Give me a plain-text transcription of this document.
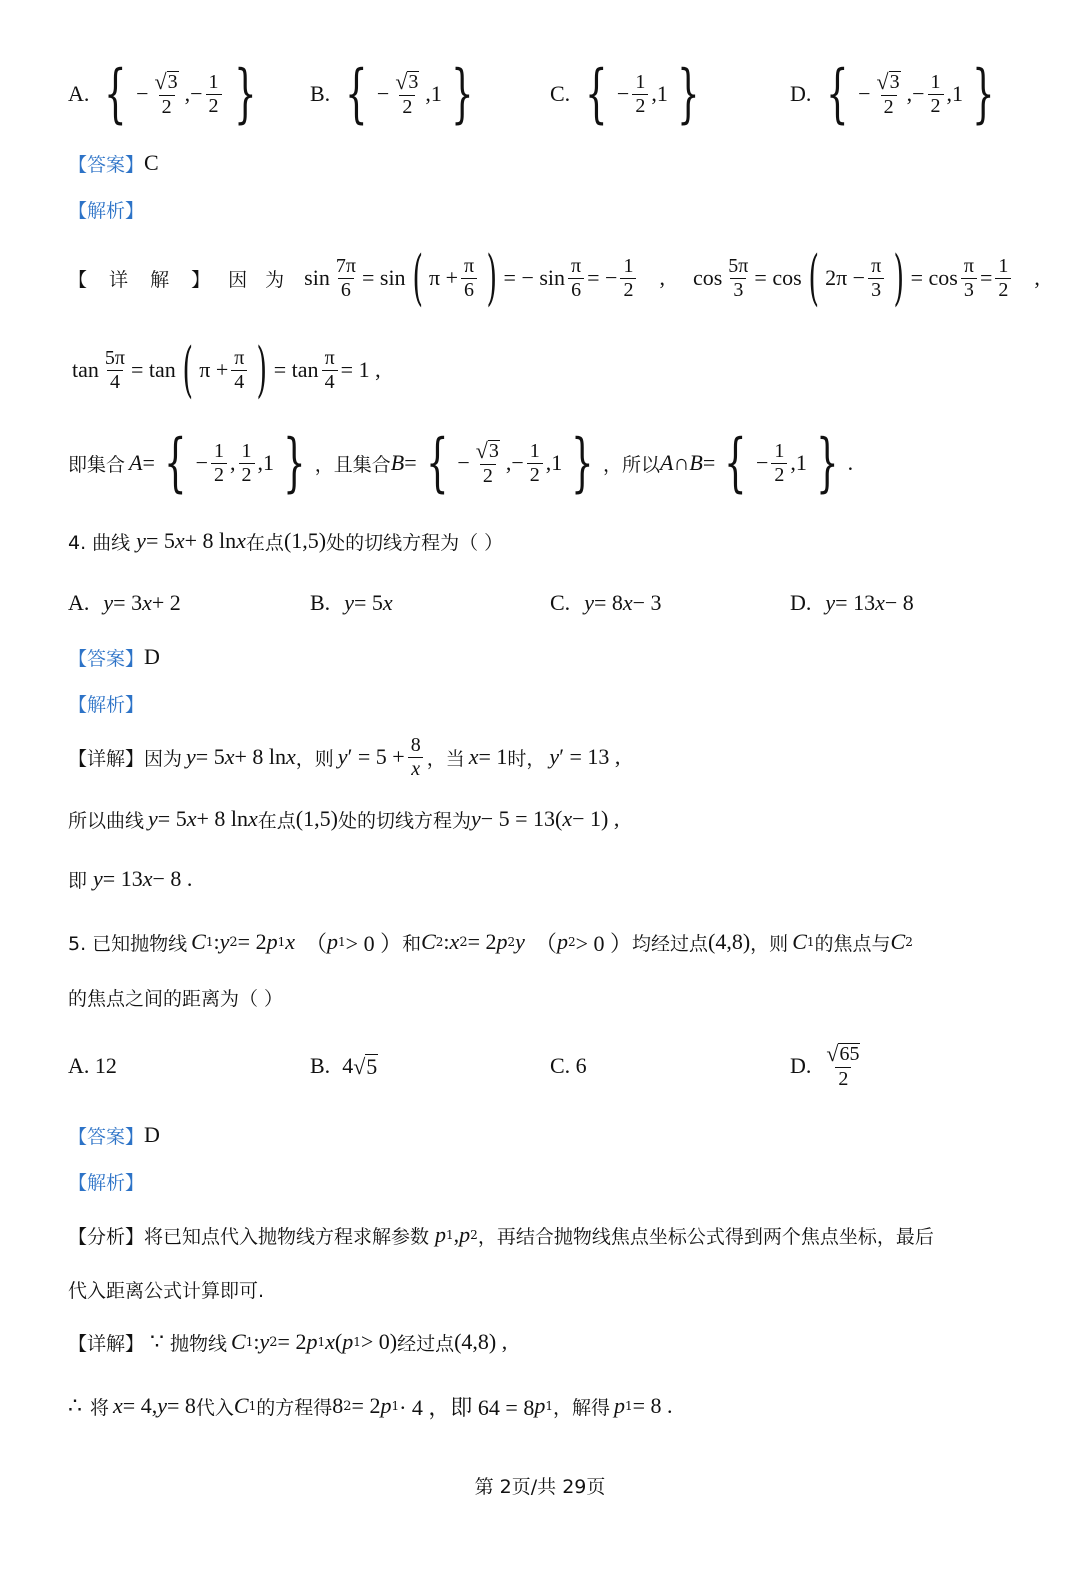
A. { − $\frac{√ 3}{2}$ ,− $\frac{1}{2}$ } B. { − $\frac{√ 3}{2} ,1$ }	C. { − $\frac{1}{2} ,1$ }	D. { − $\frac{√ 3}{2}$ ,− $\frac{1}{2} ,1$ }
【答案】 C
【解析】
【 详 解 】 因 为 $\sin \frac{7\pi}{6} = \sin$ ( $\pi + \frac{\pi}{6}$ ) = − $\sin \frac{\pi}{6}$ = − $\frac{1}{2}$ , $\cos \frac{5\pi}{3} = \cos$ ( $2\pi - \frac{\pi}{3}$ ) = $\cos \frac{\pi}{3} = \frac{1}{2}$ ,
$\tan \frac{5\pi}{4} = \tan$ ( $\pi + \frac{\pi}{4}$ ) = $\tan \frac{\pi}{4} = 1$ ,
即集合 A = { − $\frac{1}{2}$ , $\frac{1}{2} ,1$ } ，且集合 B = { − $\frac{√ 3}{2}$ ,− $\frac{1}{2} ,1$ } ，所以 A ∩ B = { − $\frac{1}{2} ,1$ } .
4. 曲线 y = 5 x + 8 ln x 在点 (1,5) 处的切线方程为（ ）
A. y = 3 x + 2	B. y = 5 x	C. y = 8 x − 3	D. y = 13 x − 8
【答案】 D
【解析】
【详解】 因为 y = 5 x + 8 ln x ，则 y ′ = $5 + \frac{8}{x}$ ，当 x = 1 时， y ′ = 13 ,
所以曲线 y = 5 x + 8 ln x 在点 (1,5) 处的切线方程为 y − 5 = 13( x − 1) ,
即 y = 13 x − 8 .
5. 已知抛物线 C 1 : y 2 = 2 p 1 x （ p 1 > 0 ） 和 C 2 : x 2 = 2 p 2 y （ p 2 > 0 ） 均经过点 (4,8) ，则 C 1 的焦点与 C 2
的焦点之间的距离为（ ）
A. 12	B. 4 √ 5	C. 6	D. $\frac{√ 65}{2}$
【答案】 D
【解析】
【分析】 将已知点代入抛物线方程求解参数 p 1 , p 2 ，再结合抛物线焦点坐标公式得到两个焦点坐标，最后
代入距离公式计算即可.
【详解】 ∵ 抛物线 C 1 : y 2 = 2 p 1 x ( p 1 > 0) 经过点 (4,8) ,
∴ 将 x = 4, y = 8 代入 C 1 的方程得 8 2 = 2 p 1 · 4 ，即 64 = 8 p 1 ，解得 p 1 = 8 .
第 2页/共 29页
